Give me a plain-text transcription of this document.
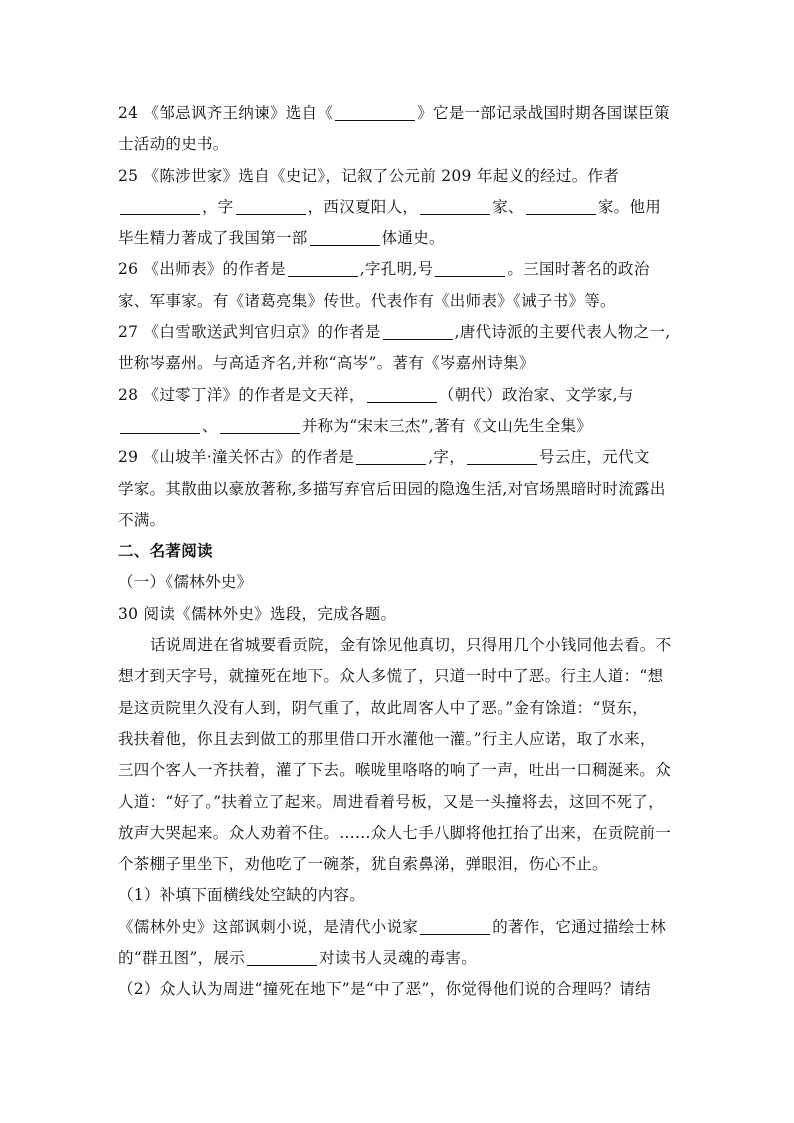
24 《邹忌讽齐王纳谏》选自《	》它是一部记录战国时期各国谋臣策
士活动的史书。
25 《陈涉世家》选自《史记》，记叙了公元前 209 年起义的经过。作者
，字	，西汉夏阳人，	家、	家。他用
毕生精力著成了我国第一部	体通史。
26 《出师表》的作者是	,字孔明,号	。三国时著名的政治
家、军事家。有《诸葛亮集》传世。代表作有《出师表》《诫子书》等。
27 《白雪歌送武判官归京》的作者是	,唐代诗派的主要代表人物之一,
世称岑嘉州。与高适齐名,并称“高岑”。著有《岑嘉州诗集》
28 《过零丁洋》的作者是文天祥，	（朝代）政治家、文学家,与
、	并称为“宋末三杰”,著有《文山先生全集》
29 《山坡羊·潼关怀古》的作者是	,字，	号云庄，元代文
学家。其散曲以豪放著称,多描写弃官后田园的隐逸生活,对官场黑暗时时流露出
不满。
二、名著阅读
（一）《儒林外史》
30 阅读《儒林外史》选段，完成各题。
话说周进在省城要看贡院，金有馀见他真切，只得用几个小钱同他去看。不
想才到天字号，就撞死在地下。众人多慌了，只道一时中了恶。行主人道：“想
是这贡院里久没有人到，阴气重了，故此周客人中了恶。”金有馀道：“贤东，
我扶着他，你且去到做工的那里借口开水灌他一灌。”行主人应诺，取了水来，
三四个客人一齐扶着，灌了下去。喉咙里咯咯的响了一声，吐出一口稠涎来。众
人道：“好了。”扶着立了起来。周进看着号板，又是一头撞将去，这回不死了，
放声大哭起来。众人劝着不住。……众人七手八脚将他扛抬了出来，在贡院前一
个茶棚子里坐下，劝他吃了一碗茶，犹自索鼻涕，弹眼泪，伤心不止。
（1）补填下面横线处空缺的内容。
《儒林外史》这部讽刺小说，是清代小说家	的著作，它通过描绘士林
的“群丑图”，展示	对读书人灵魂的毒害。
（2）众人认为周进“撞死在地下”是“中了恶”，你觉得他们说的合理吗？请结
